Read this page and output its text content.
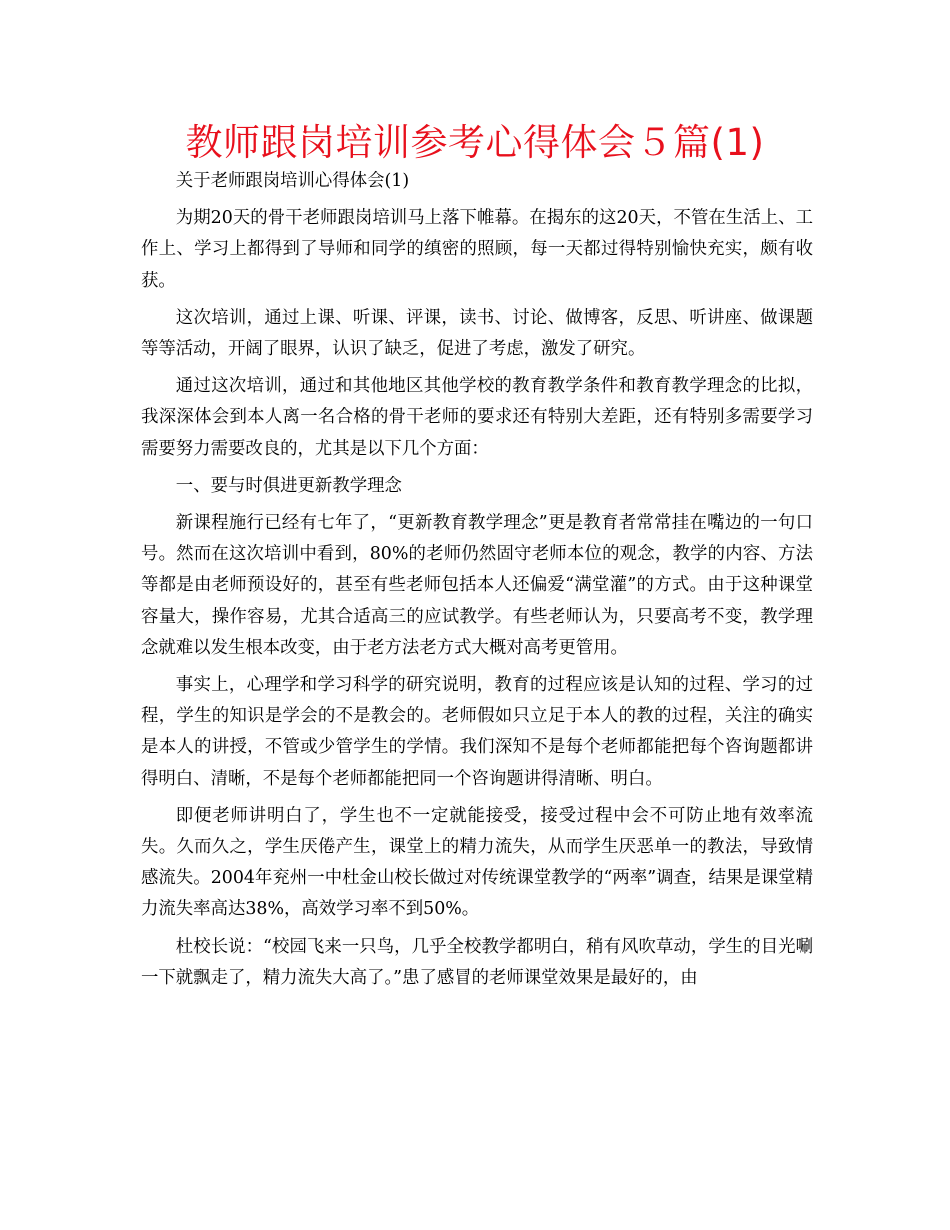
教师跟岗培训参考心得体会５篇(1)

关于老师跟岗培训心得体会(1)

为期20天的骨干老师跟岗培训马上落下帷幕。在揭东的这20天，不管在生活上、工作上、学习上都得到了导师和同学的缜密的照顾，每一天都过得特别愉快充实，颇有收获。

这次培训，通过上课、听课、评课，读书、讨论、做博客，反思、听讲座、做课题等等活动，开阔了眼界，认识了缺乏，促进了考虑，激发了研究。

通过这次培训，通过和其他地区其他学校的教育教学条件和教育教学理念的比拟，我深深体会到本人离一名合格的骨干老师的要求还有特别大差距，还有特别多需要学习需要努力需要改良的，尤其是以下几个方面：

一、要与时俱进更新教学理念

新课程施行已经有七年了，“更新教育教学理念”更是教育者常常挂在嘴边的一句口号。然而在这次培训中看到，80%的老师仍然固守老师本位的观念，教学的内容、方法等都是由老师预设好的，甚至有些老师包括本人还偏爱“满堂灌”的方式。由于这种课堂容量大，操作容易，尤其合适高三的应试教学。有些老师认为，只要高考不变，教学理念就难以发生根本改变，由于老方法老方式大概对高考更管用。

事实上，心理学和学习科学的研究说明，教育的过程应该是认知的过程、学习的过程，学生的知识是学会的不是教会的。老师假如只立足于本人的教的过程，关注的确实是本人的讲授，不管或少管学生的学情。我们深知不是每个老师都能把每个咨询题都讲得明白、清晰，不是每个老师都能把同一个咨询题讲得清晰、明白。

即便老师讲明白了，学生也不一定就能接受，接受过程中会不可防止地有效率流失。久而久之，学生厌倦产生，课堂上的精力流失，从而学生厌恶单一的教法，导致情感流失。2004年兖州一中杜金山校长做过对传统课堂教学的“两率”调查，结果是课堂精力流失率高达38%，高效学习率不到50%。

杜校长说：“校园飞来一只鸟，几乎全校教学都明白，稍有风吹草动，学生的目光唰一下就飘走了，精力流失大高了。”患了感冒的老师课堂效果是最好的，由
